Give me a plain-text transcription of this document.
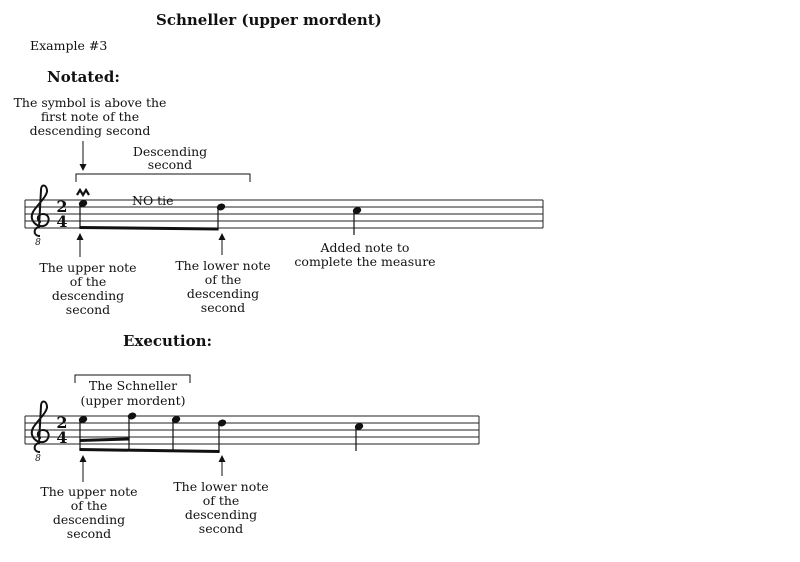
Schneller (upper mordent)
Example #3
Notated:
The symbol is above the
first note of the
descending second
Descending
second
8
2
4
NO tie
The upper note
of the
descending
second
The lower note
of the
descending
second
Added note to
complete the measure
Execution:
The Schneller
(upper mordent)
8
2
4
The upper note
of the
descending
second
The lower note
of the
descending
second
